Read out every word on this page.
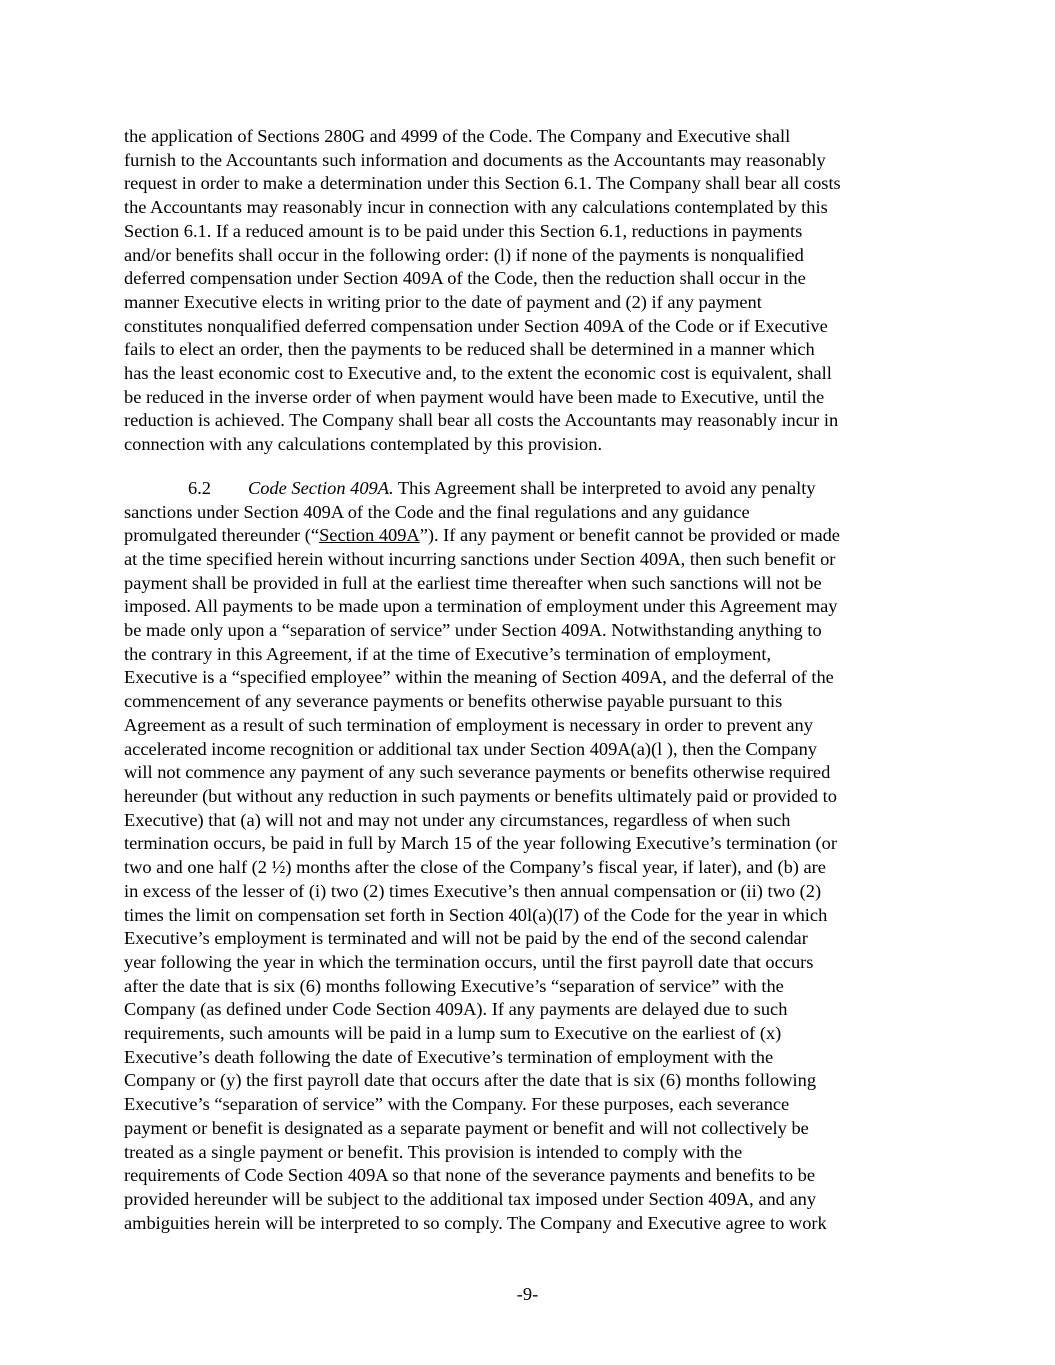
the application of Sections 280G and 4999 of the Code. The Company and Executive shall
furnish to the Accountants such information and documents as the Accountants may reasonably
request in order to make a determination under this Section 6.1. The Company shall bear all costs
the Accountants may reasonably incur in connection with any calculations contemplated by this
Section 6.1. If a reduced amount is to be paid under this Section 6.1, reductions in payments
and/or benefits shall occur in the following order: (l) if none of the payments is nonqualified
deferred compensation under Section 409A of the Code, then the reduction shall occur in the
manner Executive elects in writing prior to the date of payment and (2) if any payment
constitutes nonqualified deferred compensation under Section 409A of the Code or if Executive
fails to elect an order, then the payments to be reduced shall be determined in a manner which
has the least economic cost to Executive and, to the extent the economic cost is equivalent, shall
be reduced in the inverse order of when payment would have been made to Executive, until the
reduction is achieved. The Company shall bear all costs the Accountants may reasonably incur in
connection with any calculations contemplated by this provision.
6.2 Code Section 409A. This Agreement shall be interpreted to avoid any penalty
sanctions under Section 409A of the Code and the final regulations and any guidance
promulgated thereunder (“Section 409A”). If any payment or benefit cannot be provided or made
at the time specified herein without incurring sanctions under Section 409A, then such benefit or
payment shall be provided in full at the earliest time thereafter when such sanctions will not be
imposed. All payments to be made upon a termination of employment under this Agreement may
be made only upon a “separation of service” under Section 409A. Notwithstanding anything to
the contrary in this Agreement, if at the time of Executive’s termination of employment,
Executive is a “specified employee” within the meaning of Section 409A, and the deferral of the
commencement of any severance payments or benefits otherwise payable pursuant to this
Agreement as a result of such termination of employment is necessary in order to prevent any
accelerated income recognition or additional tax under Section 409A(a)(l ), then the Company
will not commence any payment of any such severance payments or benefits otherwise required
hereunder (but without any reduction in such payments or benefits ultimately paid or provided to
Executive) that (a) will not and may not under any circumstances, regardless of when such
termination occurs, be paid in full by March 15 of the year following Executive’s termination (or
two and one half (2 ½) months after the close of the Company’s fiscal year, if later), and (b) are
in excess of the lesser of (i) two (2) times Executive’s then annual compensation or (ii) two (2)
times the limit on compensation set forth in Section 40l(a)(l7) of the Code for the year in which
Executive’s employment is terminated and will not be paid by the end of the second calendar
year following the year in which the termination occurs, until the first payroll date that occurs
after the date that is six (6) months following Executive’s “separation of service” with the
Company (as defined under Code Section 409A). If any payments are delayed due to such
requirements, such amounts will be paid in a lump sum to Executive on the earliest of (x)
Executive’s death following the date of Executive’s termination of employment with the
Company or (y) the first payroll date that occurs after the date that is six (6) months following
Executive’s “separation of service” with the Company. For these purposes, each severance
payment or benefit is designated as a separate payment or benefit and will not collectively be
treated as a single payment or benefit. This provision is intended to comply with the
requirements of Code Section 409A so that none of the severance payments and benefits to be
provided hereunder will be subject to the additional tax imposed under Section 409A, and any
ambiguities herein will be interpreted to so comply. The Company and Executive agree to work
-9-
